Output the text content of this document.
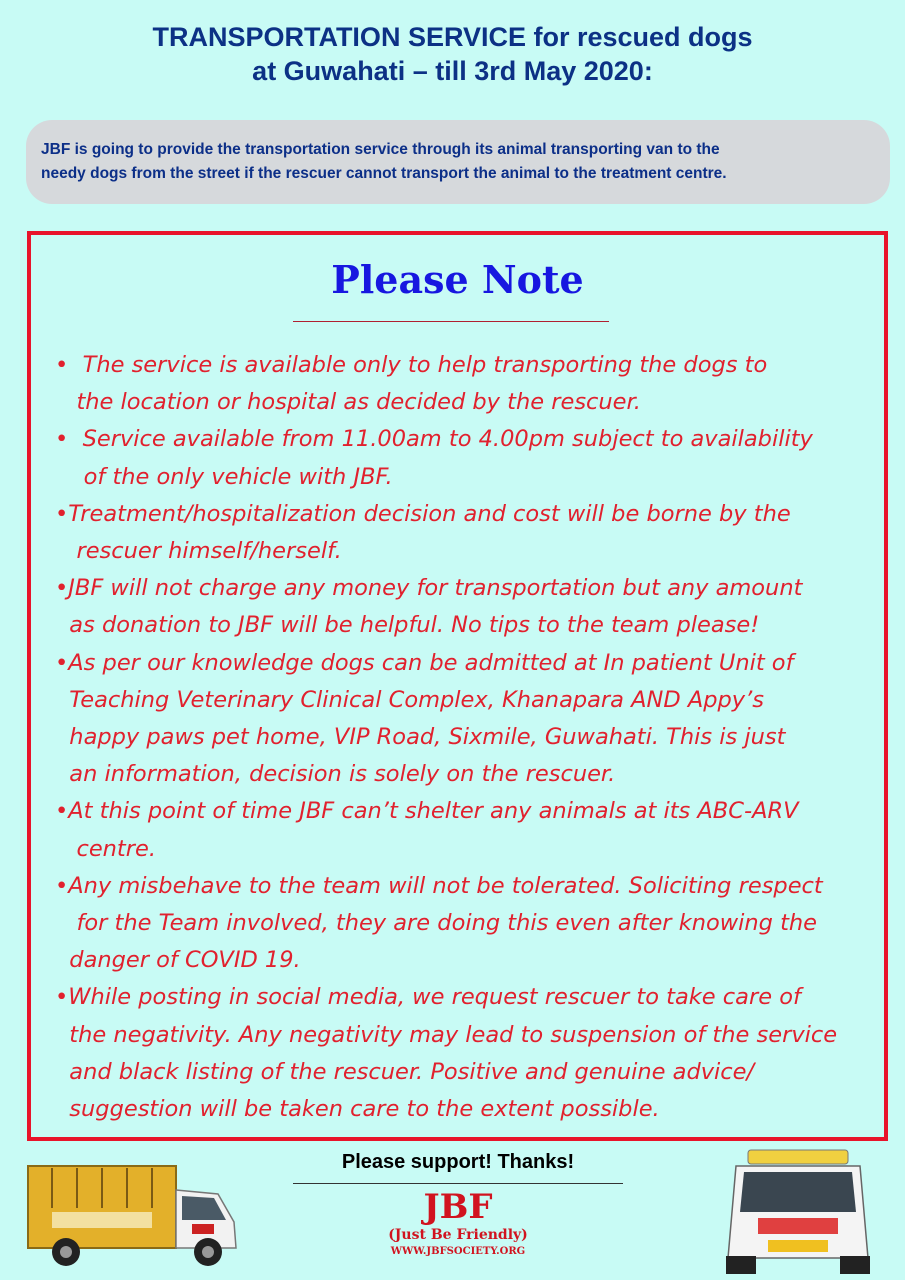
TRANSPORTATION SERVICE for rescued dogs
at Guwahati – till 3rd May 2020:
JBF is going to provide the transportation service through its animal transporting van to the
needy dogs from the street if the rescuer cannot transport the animal to the treatment centre.
Please Note
•  The service is available only to help transporting the dogs to
the location or hospital as decided by the rescuer.
•  Service available from 11.00am to 4.00pm subject to availability
of the only vehicle with JBF.
•Treatment/hospitalization decision and cost will be borne by the
rescuer himself/herself.
•JBF will not charge any money for transportation but any amount
as donation to JBF will be helpful. No tips to the team please!
•As per our knowledge dogs can be admitted at In patient Unit of
Teaching Veterinary Clinical Complex, Khanapara AND Appy’s
happy paws pet home, VIP Road, Sixmile, Guwahati. This is just
an information, decision is solely on the rescuer.
•At this point of time JBF can’t shelter any animals at its ABC-ARV
centre.
•Any misbehave to the team will not be tolerated. Soliciting respect
for the Team involved, they are doing this even after knowing the
danger of COVID 19.
•While posting in social media, we request rescuer to take care of
the negativity. Any negativity may lead to suspension of the service
and black listing of the rescuer. Positive and genuine advice/
suggestion will be taken care to the extent possible.
Please support! Thanks!
JBF
(Just Be Friendly)
WWW.JBFSOCIETY.ORG
